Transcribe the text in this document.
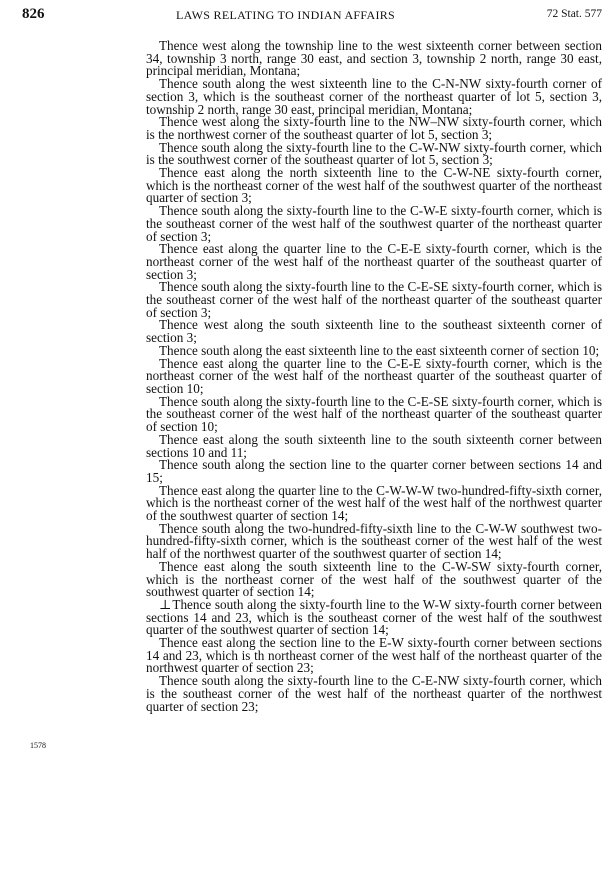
826	LAWS RELATING TO INDIAN AFFAIRS	72 Stat. 577
1578

Thence west along the township line to the west sixteenth corner between section 34, township 3 north, range 30 east, and section 3, township 2 north, range 30 east, principal meridian, Montana;

Thence south along the west sixteenth line to the C-N-NW sixty-fourth corner of section 3, which is the southeast corner of the northeast quarter of lot 5, section 3, township 2 north, range 30 east, principal meridian, Montana;

Thence west along the sixty-fourth line to the NW–NW sixty-fourth corner, which is the northwest corner of the southeast quarter of lot 5, section 3;

Thence south along the sixty-fourth line to the C-W-NW sixty-fourth corner, which is the southwest corner of the southeast quarter of lot 5, section 3;

Thence east along the north sixteenth line to the C-W-NE sixty-fourth corner, which is the northeast corner of the west half of the southwest quarter of the northeast quarter of section 3;

Thence south along the sixty-fourth line to the C-W-E sixty-fourth corner, which is the southeast corner of the west half of the southwest quarter of the northeast quarter of section 3;

Thence east along the quarter line to the C-E-E sixty-fourth corner, which is the northeast corner of the west half of the northeast quarter of the southeast quarter of section 3;

Thence south along the sixty-fourth line to the C-E-SE sixty-fourth corner, which is the southeast corner of the west half of the northeast quarter of the southeast quarter of section 3;

Thence west along the south sixteenth line to the southeast sixteenth corner of section 3;

Thence south along the east sixteenth line to the east sixteenth corner of section 10;

Thence east along the quarter line to the C-E-E sixty-fourth corner, which is the northeast corner of the west half of the northeast quarter of the southeast quarter of section 10;

Thence south along the sixty-fourth line to the C-E-SE sixty-fourth corner, which is the southeast corner of the west half of the northeast quarter of the southeast quarter of section 10;

Thence east along the south sixteenth line to the south sixteenth corner between sections 10 and 11;

Thence south along the section line to the quarter corner between sections 14 and 15;

Thence east along the quarter line to the C-W-W-W two-hundred-fifty-sixth corner, which is the northeast corner of the west half of the west half of the northwest quarter of the southwest quarter of section 14;

Thence south along the two-hundred-fifty-sixth line to the C-W-W southwest two-hundred-fifty-sixth corner, which is the southeast corner of the west half of the west half of the northwest quarter of the southwest quarter of section 14;

Thence east along the south sixteenth line to the C-W-SW sixty-fourth corner, which is the northeast corner of the west half of the southwest quarter of the southwest quarter of section 14;

⊥Thence south along the sixty-fourth line to the W-W sixty-fourth corner between sections 14 and 23, which is the southeast corner of the west half of the southwest quarter of the southwest quarter of section 14;

Thence east along the section line to the E-W sixty-fourth corner between sections 14 and 23, which is th northeast corner of the west half of the northeast quarter of the northwest quarter of section 23;

Thence south along the sixty-fourth line to the C-E-NW sixty-fourth corner, which is the southeast corner of the west half of the northeast quarter of the northwest quarter of section 23;
